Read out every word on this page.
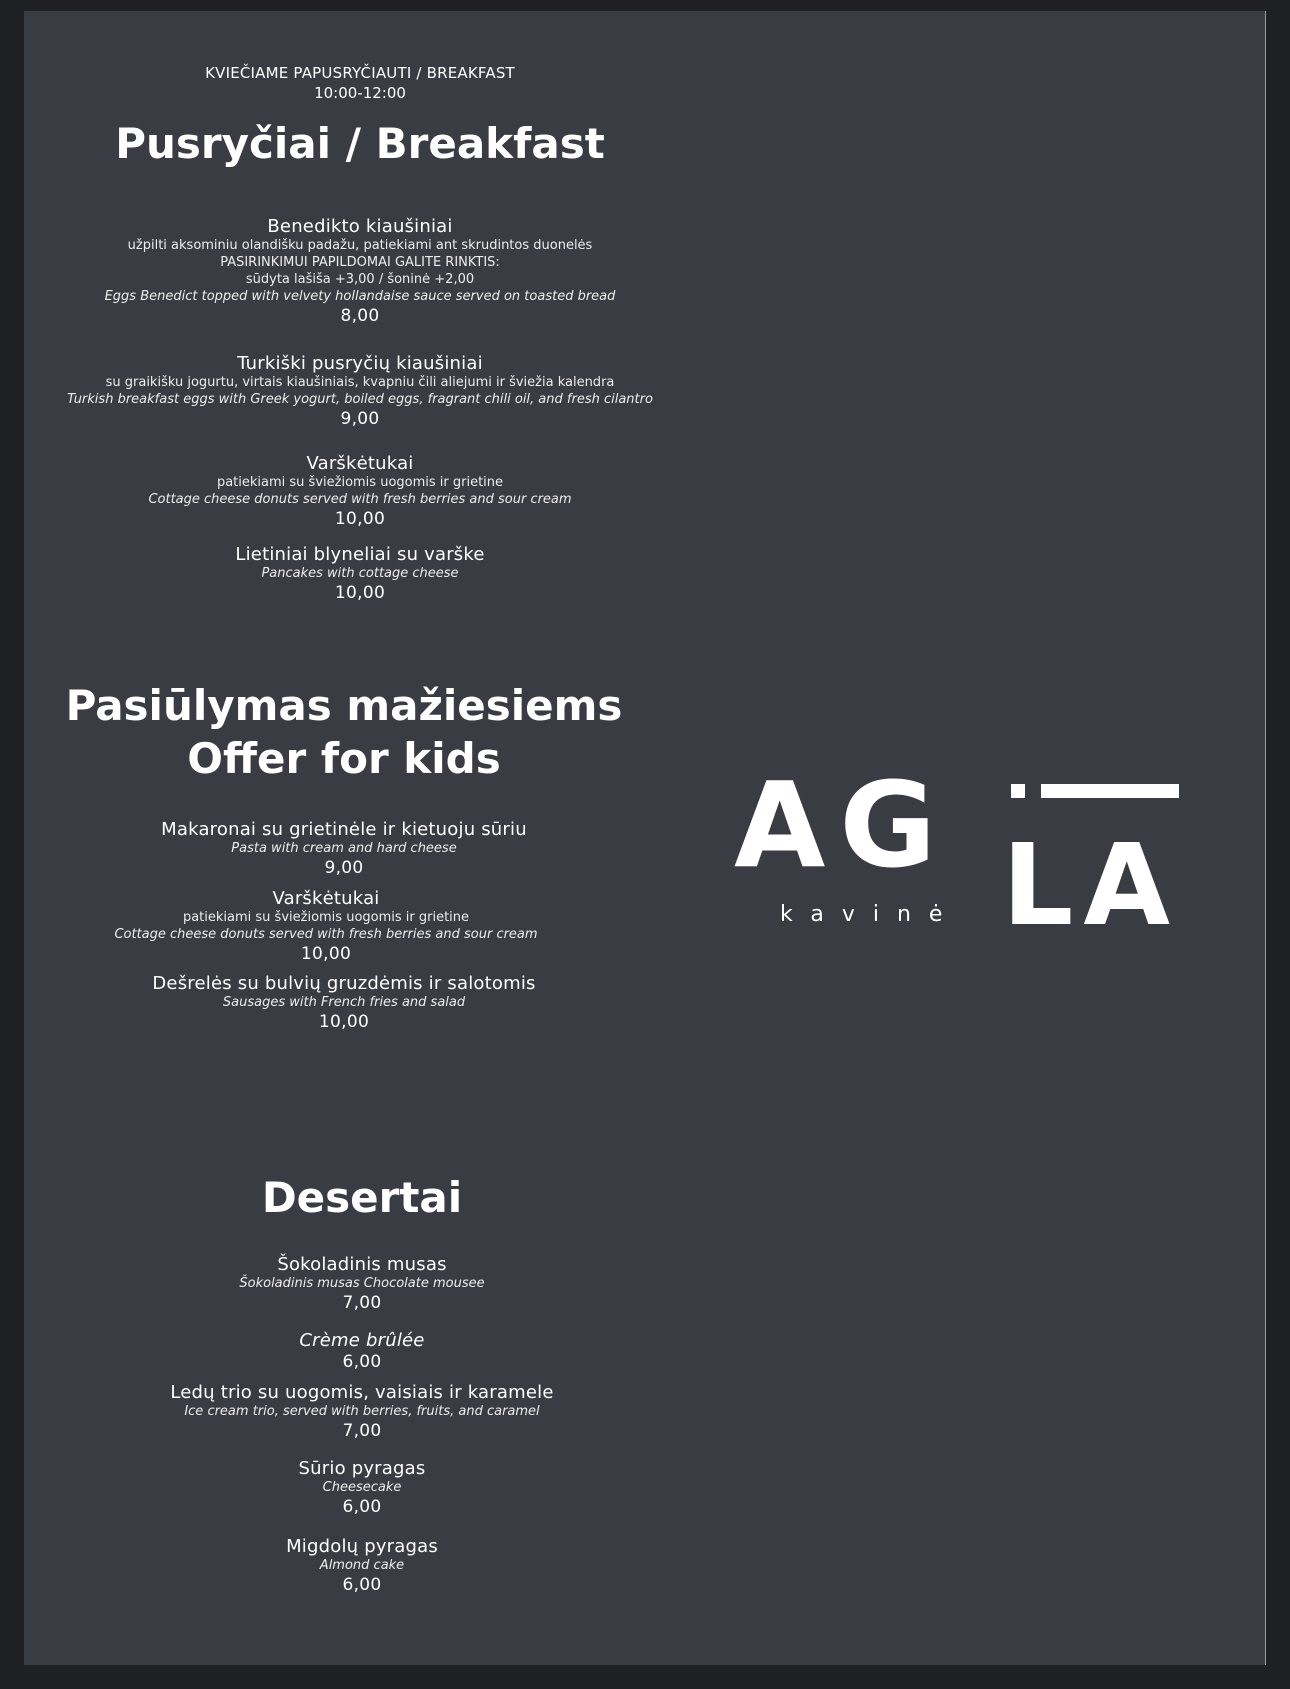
KVIEČIAME PAPUSRYČIAUTI / BREAKFAST
10:00-12:00
Pusryčiai / Breakfast
Benedikto kiaušiniai
užpilti aksominiu olandišku padažu, patiekiami ant skrudintos duonelės
PASIRINKIMUI PAPILDOMAI GALITE RINKTIS:
sūdyta lašiša +3,00 / šoninė +2,00
Eggs Benedict topped with velvety hollandaise sauce served on toasted bread
8,00
Turkiški pusryčių kiaušiniai
su graikišku jogurtu, virtais kiaušiniais, kvapniu čili aliejumi ir šviežia kalendra
Turkish breakfast eggs with Greek yogurt, boiled eggs, fragrant chili oil, and fresh cilantro
9,00
Varškėtukai
patiekiami su šviežiomis uogomis ir grietine
Cottage cheese donuts served with fresh berries and sour cream
10,00
Lietiniai blyneliai su varške
Pancakes with cottage cheese
10,00
Pasiūlymas mažiesiems
Offer for kids
Makaronai su grietinėle ir kietuoju sūriu
Pasta with cream and hard cheese
9,00
Varškėtukai
patiekiami su šviežiomis uogomis ir grietine
Cottage cheese donuts served with fresh berries and sour cream
10,00
Dešrelės su bulvių gruzdėmis ir salotomis
Sausages with French fries and salad
10,00
Desertai
Šokoladinis musas
Šokoladinis musas Chocolate mousee
7,00
Crème brûlée
6,00
Ledų trio su uogomis, vaisiais ir karamele
Ice cream trio, served with berries, fruits, and caramel
7,00
Sūrio pyragas
Cheesecake
6,00
Migdolų pyragas
Almond cake
6,00
AG LA
kavinė
